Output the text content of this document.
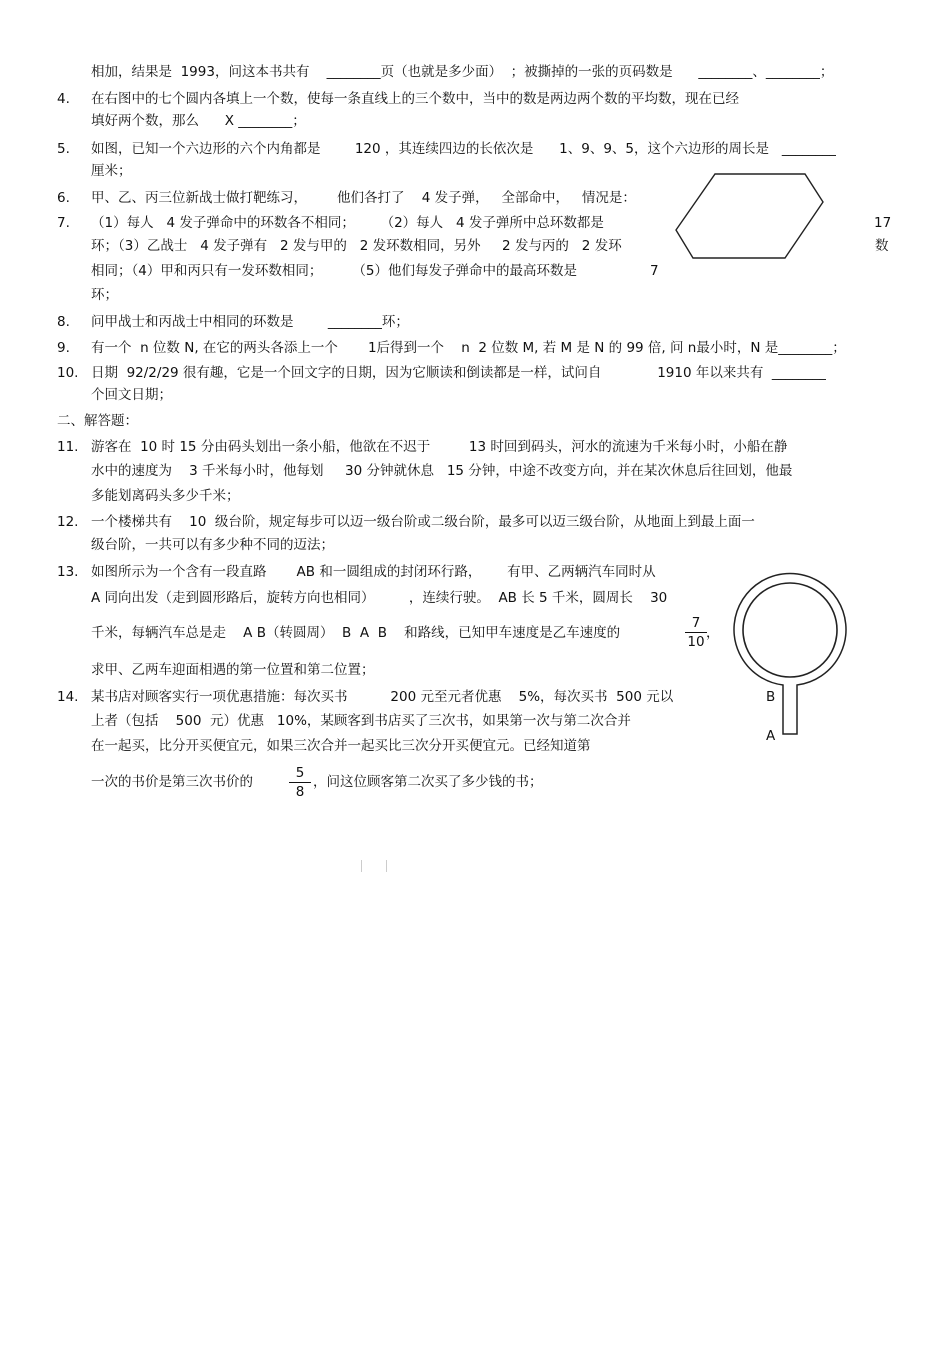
相加，结果是  1993，问这本书共有    ________页（也就是多少面）  ；被撕掉的一张的页码数是      ________、________；
4. 在右图中的七个圆内各填上一个数，使每一条直线上的三个数中，当中的数是两边两个数的平均数，现在已经
填好两个数，那么      X ________；
5. 如图，已知一个六边形的六个内角都是        120 ，其连续四边的长依次是      1、9、9、5，这个六边形的周长是   ________
厘米；
6. 甲、乙、丙三位新战士做打靶练习，       他们各打了    4 发子弹，   全部命中，   情况是：
7. （1）每人   4 发子弹命中的环数各不相同；      （2）每人   4 发子弹所中总环数都是	17
环；（3）乙战士   4 发子弹有   2 发与甲的   2 发环数相同，另外     2 发与丙的   2 发环	数
相同；（4）甲和丙只有一发环数相同；       （5）他们每发子弹命中的最高环数是	7
环；
8. 问甲战士和丙战士中相同的环数是        ________环；
9. 有一个  n 位数 N, 在它的两头各添上一个       1后得到一个    n  2 位数 M, 若 M 是 N 的 99 倍, 问 n最小时，N 是________；
10. 日期  92/2/29 很有趣，它是一个回文字的日期，因为它顺读和倒读都是一样，试问自             1910 年以来共有  ________
个回文日期；
二、解答题：
11. 游客在  10 时 15 分由码头划出一条小船，他欲在不迟于         13 时回到码头，河水的流速为千米每小时，小船在静
水中的速度为    3 千米每小时，他每划     30 分钟就休息   15 分钟，中途不改变方向，并在某次休息后往回划，他最
多能划离码头多少千米；
12. 一个楼梯共有    10  级台阶，规定每步可以迈一级台阶或二级台阶，最多可以迈三级台阶，从地面上到最上面一
级台阶，一共可以有多少种不同的迈法；
13. 如图所示为一个含有一段直路       AB 和一圆组成的封闭环行路，      有甲、乙两辆汽车同时从
A 同向出发（走到圆形路后，旋转方向也相同）        ，连续行驶。  AB 长 5 千米，圆周长    30
千米，每辆汽车总是走    A B（转圆周）  B  A  B    和路线，已知甲车速度是乙车速度的
7
10
，
求甲、乙两车迎面相遇的第一位置和第二位置；
B
A
14. 某书店对顾客实行一项优惠措施：每次买书          200 元至元者优惠    5%，每次买书  500 元以
上者（包括    500  元）优惠   10%，某顾客到书店买了三次书，如果第一次与第二次合并
在一起买，比分开买便宜元，如果三次合并一起买比三次分开买便宜元。已经知道第
一次的书价是第三次书价的
5
8
，问这位顾客第二次买了多少钱的书；
